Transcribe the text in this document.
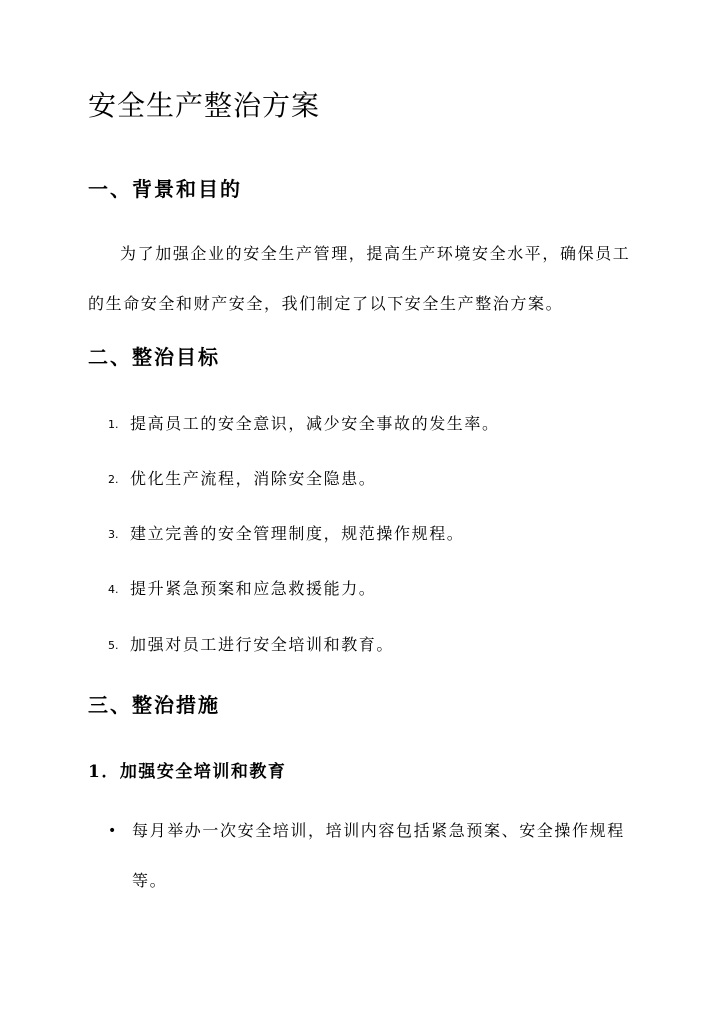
安全生产整治方案
一、背景和目的

为了加强企业的安全生产管理，提高生产环境安全水平，确保员工的生命安全和财产安全，我们制定了以下安全生产整治方案。

二、整治目标
1. 提高员工的安全意识，减少安全事故的发生率。
2. 优化生产流程，消除安全隐患。
3. 建立完善的安全管理制度，规范操作规程。
4. 提升紧急预案和应急救援能力。
5. 加强对员工进行安全培训和教育。
三、整治措施
1．加强安全培训和教育
• 每月举办一次安全培训，培训内容包括紧急预案、安全操作规程等。
